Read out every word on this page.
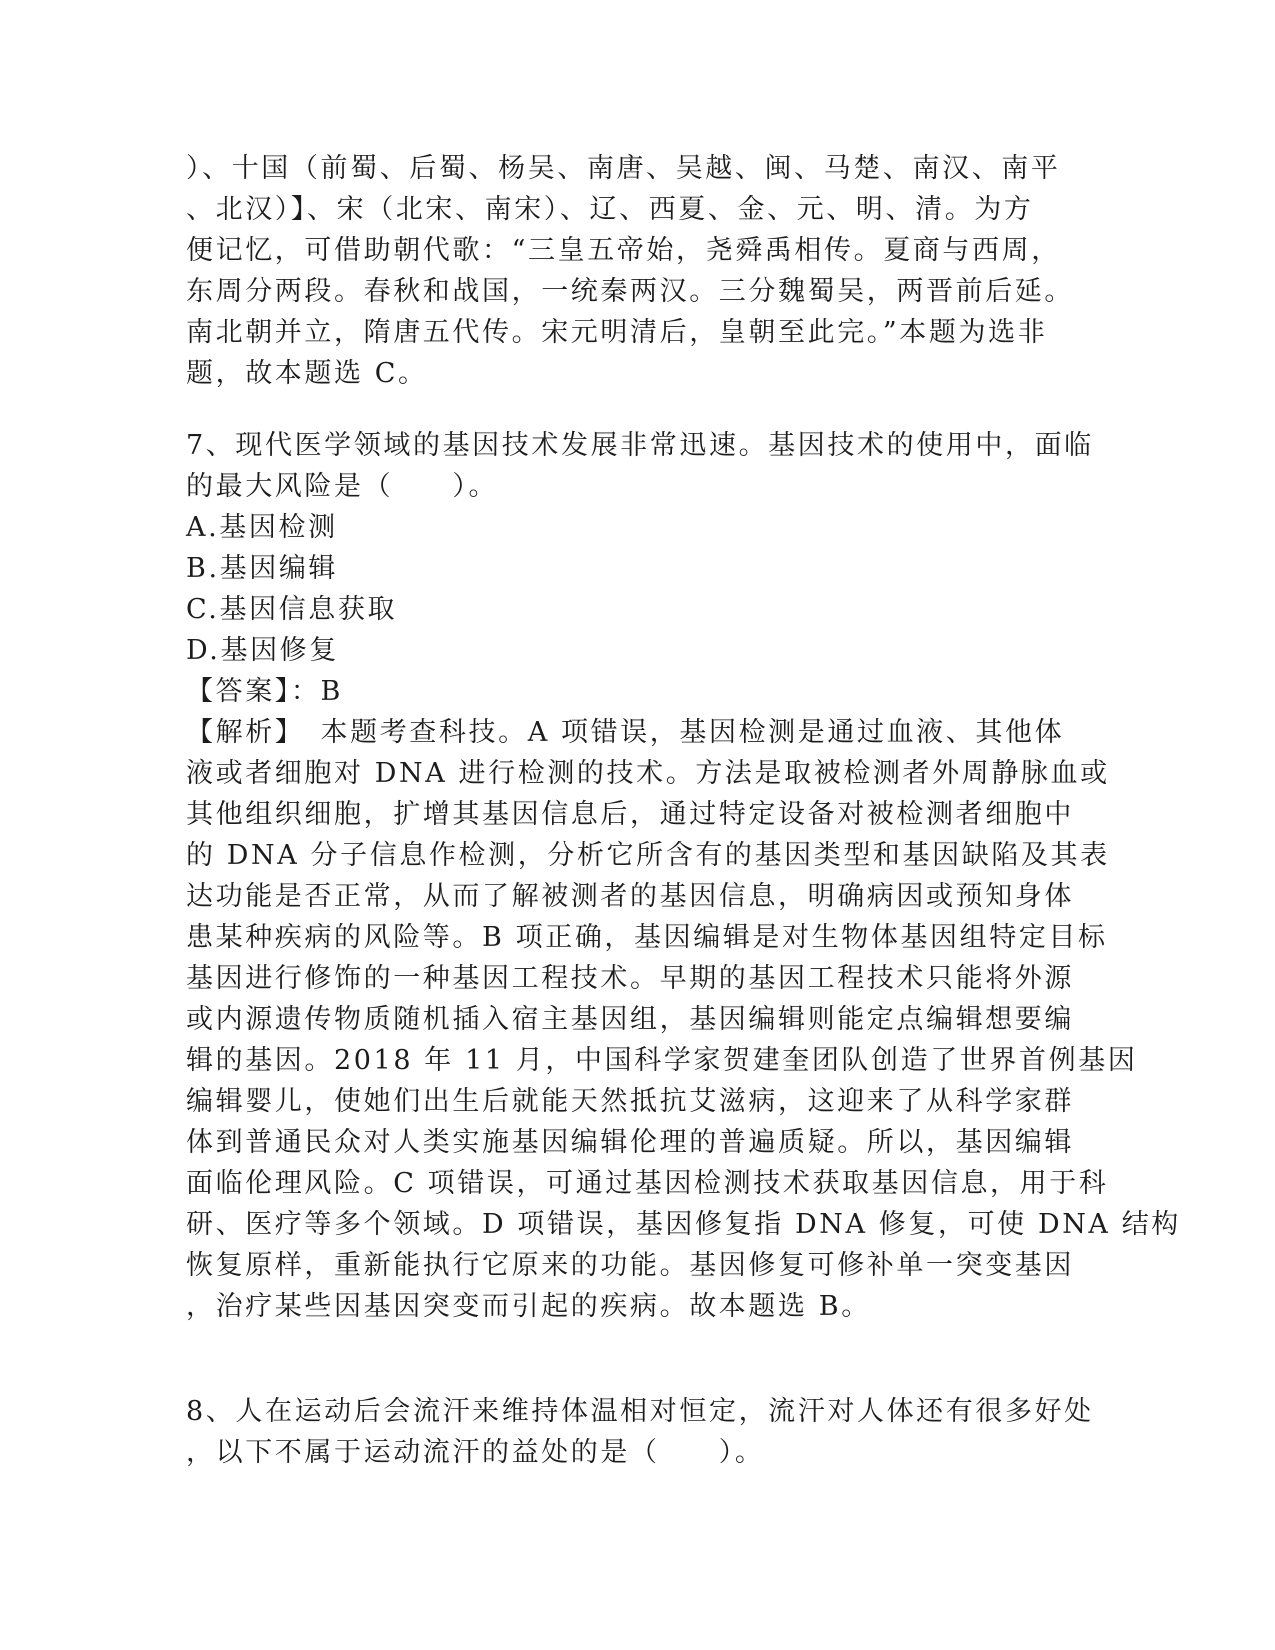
）、十国（前蜀、后蜀、杨吴、南唐、吴越、闽、马楚、南汉、南平
、北汉）】、宋（北宋、南宋）、辽、西夏、金、元、明、清。为方
便记忆，可借助朝代歌：“三皇五帝始，尧舜禹相传。夏商与西周，
东周分两段。春秋和战国，一统秦两汉。三分魏蜀吴，两晋前后延。
南北朝并立，隋唐五代传。宋元明清后，皇朝至此完。”本题为选非
题，故本题选 C。
7、现代医学领域的基因技术发展非常迅速。基因技术的使用中，面临
的最大风险是（　　）。
A.基因检测
B.基因编辑
C.基因信息获取
D.基因修复
【答案】：B
【解析】　本题考查科技。A 项错误，基因检测是通过血液、其他体
液或者细胞对 DNA 进行检测的技术。方法是取被检测者外周静脉血或
其他组织细胞，扩增其基因信息后，通过特定设备对被检测者细胞中
的 DNA 分子信息作检测，分析它所含有的基因类型和基因缺陷及其表
达功能是否正常，从而了解被测者的基因信息，明确病因或预知身体
患某种疾病的风险等。B 项正确，基因编辑是对生物体基因组特定目标
基因进行修饰的一种基因工程技术。早期的基因工程技术只能将外源
或内源遗传物质随机插入宿主基因组，基因编辑则能定点编辑想要编
辑的基因。2018 年 11 月，中国科学家贺建奎团队创造了世界首例基因
编辑婴儿，使她们出生后就能天然抵抗艾滋病，这迎来了从科学家群
体到普通民众对人类实施基因编辑伦理的普遍质疑。所以，基因编辑
面临伦理风险。C 项错误，可通过基因检测技术获取基因信息，用于科
研、医疗等多个领域。D 项错误，基因修复指 DNA 修复，可使 DNA 结构
恢复原样，重新能执行它原来的功能。基因修复可修补单一突变基因
，治疗某些因基因突变而引起的疾病。故本题选 B。
8、人在运动后会流汗来维持体温相对恒定，流汗对人体还有很多好处
，以下不属于运动流汗的益处的是（　　）。
